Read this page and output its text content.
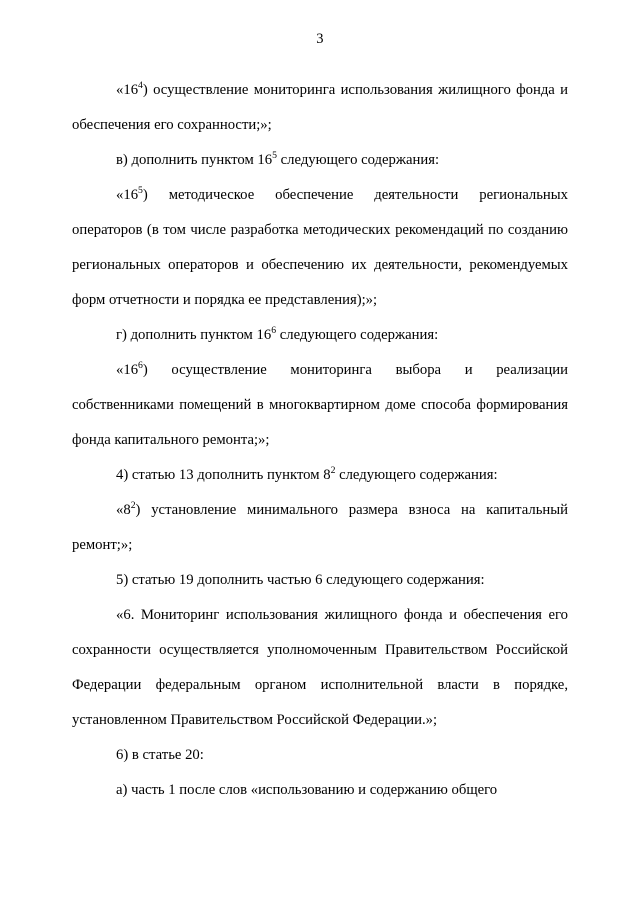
3

«$16^4$) осуществление мониторинга использования жилищного фонда и обеспечения его сохранности;»;

в) дополнить пунктом $16^5$ следующего содержания:

«$16^5$) методическое обеспечение деятельности региональных операторов (в том числе разработка методических рекомендаций по созданию региональных операторов и обеспечению их деятельности, рекомендуемых форм отчетности и порядка ее представления);»;

г) дополнить пунктом $16^6$ следующего содержания:

«$16^6$) осуществление мониторинга выбора и реализации собственниками помещений в многоквартирном доме способа формирования фонда капитального ремонта;»;

4) статью 13 дополнить пунктом $8^2$ следующего содержания:

«$8^2$) установление минимального размера взноса на капитальный ремонт;»;

5) статью 19 дополнить частью 6 следующего содержания:

«6. Мониторинг использования жилищного фонда и обеспечения его сохранности осуществляется уполномоченным Правительством Российской Федерации федеральным органом исполнительной власти в порядке, установленном Правительством Российской Федерации.»;

6) в статье 20:

а) часть 1 после слов «использованию и содержанию общего
